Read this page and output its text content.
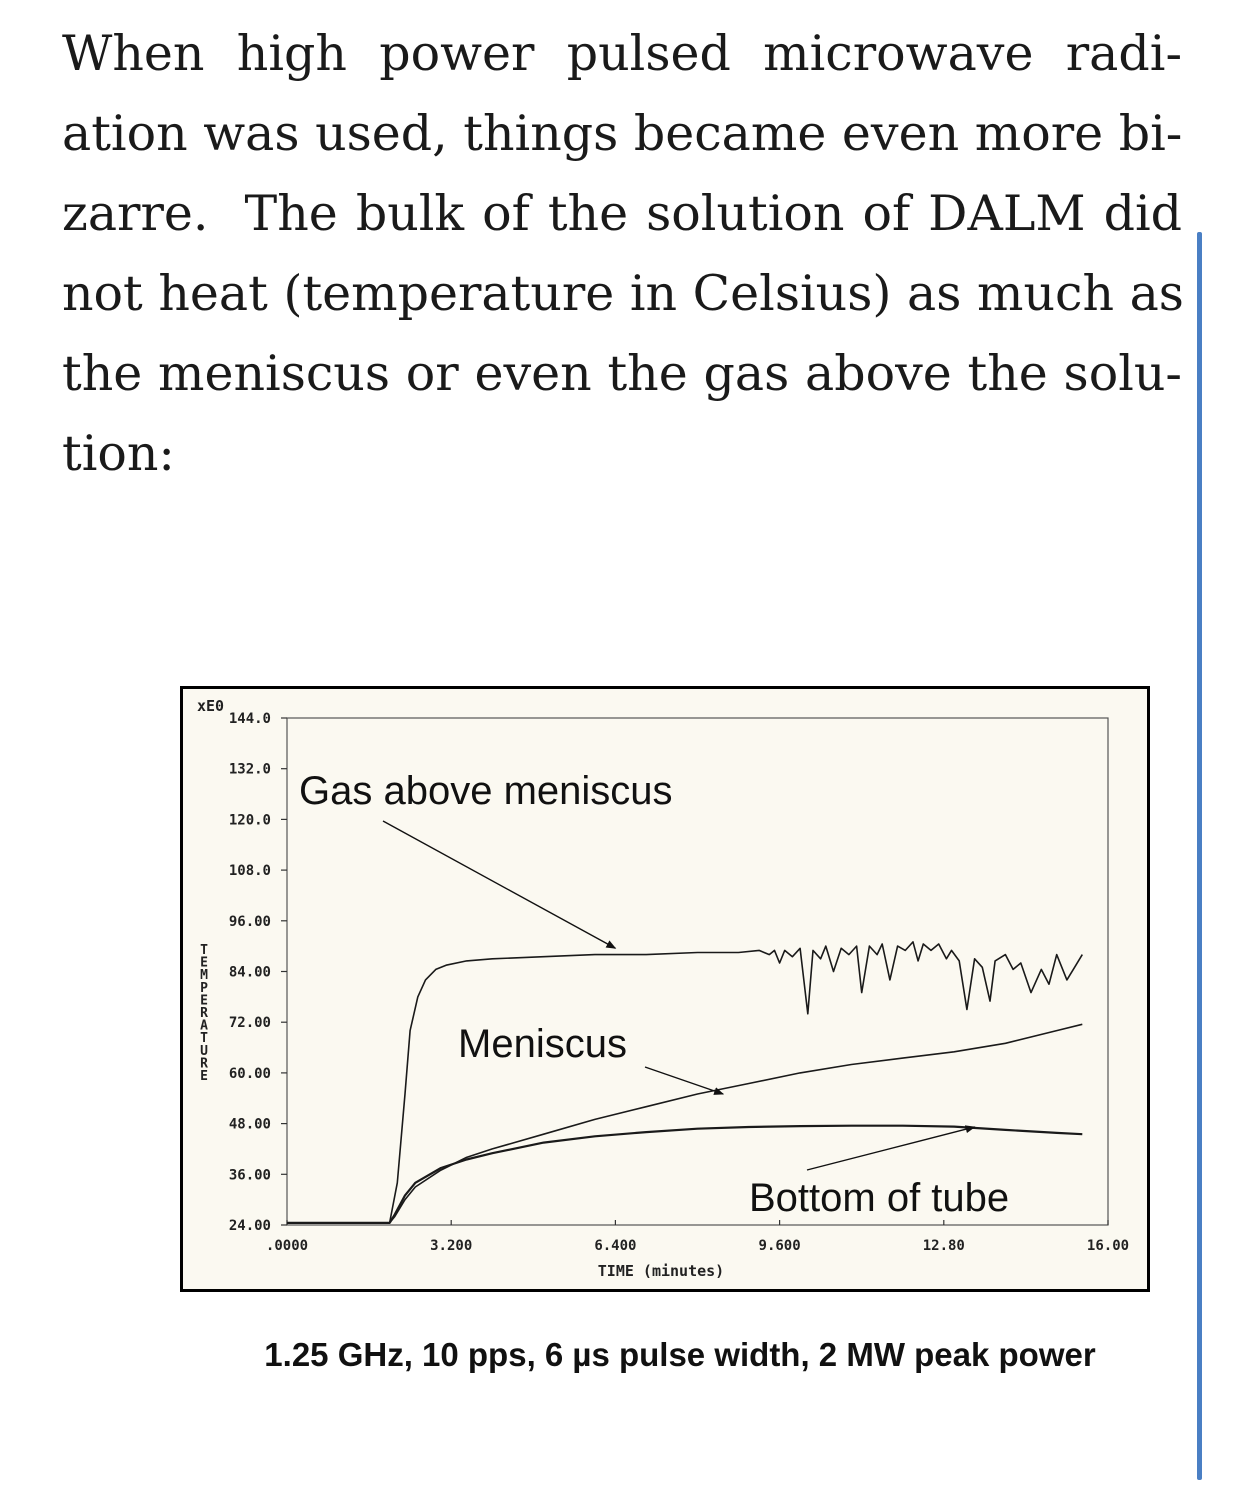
When high power pulsed microwave radi-
ation was used, things became even more bi-
zarre.  The bulk of the solution of DALM did
not heat (temperature in Celsius) as much as
the meniscus or even the gas above the solu-
tion:
xE0
144.0
132.0
120.0
108.0
96.00
84.00
72.00
60.00
48.00
36.00
24.00
.0000	3.200	6.400	9.600	12.80	16.00
T E M P E R A T U R E
TIME (minutes)
Gas above meniscus
Meniscus
Bottom of tube
1.25 GHz, 10 pps, 6 µs pulse width, 2 MW peak power
